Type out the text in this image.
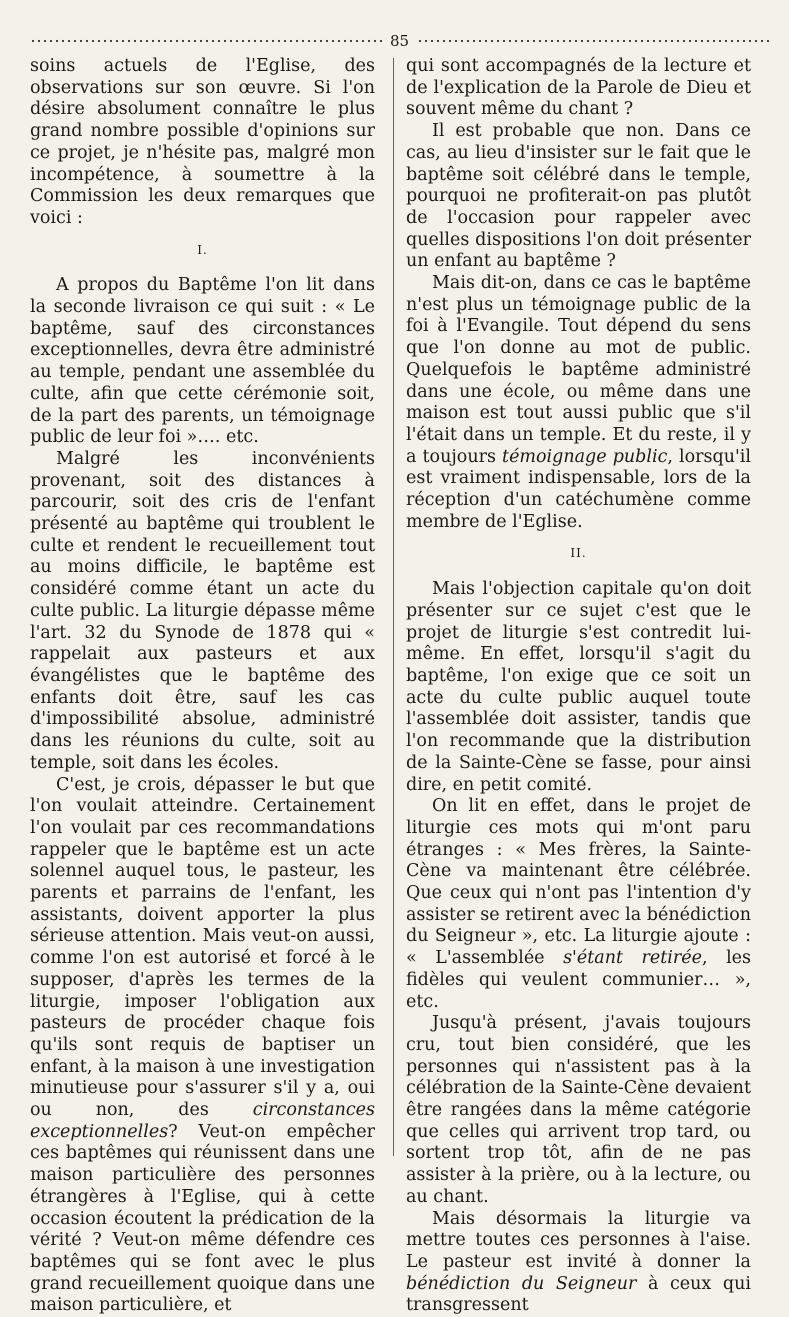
85

soins actuels de l'Eglise, des observations sur son œuvre. Si l'on désire absolument connaître le plus grand nombre possible d'opinions sur ce projet, je n'hésite pas, malgré mon incompétence, à soumettre à la Commission les deux remarques que voici :

I.

A propos du Baptême l'on lit dans la seconde livraison ce qui suit : « Le baptême, sauf des circonstances exceptionnelles, devra être administré au temple, pendant une assemblée du culte, afin que cette cérémonie soit, de la part des parents, un témoignage public de leur foi »…. etc.

Malgré les inconvénients provenant, soit des distances à parcourir, soit des cris de l'enfant présenté au baptême qui troublent le culte et rendent le recueillement tout au moins difficile, le baptême est considéré comme étant un acte du culte public. La liturgie dépasse même l'art. 32 du Synode de 1878 qui « rappelait aux pasteurs et aux évangélistes que le baptême des enfants doit être, sauf les cas d'impossibilité absolue, administré dans les réunions du culte, soit au temple, soit dans les écoles.

C'est, je crois, dépasser le but que l'on voulait atteindre. Certainement l'on voulait par ces recommandations rappeler que le baptême est un acte solennel auquel tous, le pasteur, les parents et parrains de l'enfant, les assistants, doivent apporter la plus sérieuse attention. Mais veut-on aussi, comme l'on est autorisé et forcé à le supposer, d'après les termes de la liturgie, imposer l'obligation aux pasteurs de procéder chaque fois qu'ils sont requis de baptiser un enfant, à la maison à une investigation minutieuse pour s'assurer s'il y a, oui ou non, des circonstances exceptionnelles? Veut-on empêcher ces baptêmes qui réunissent dans une maison particulière des personnes étrangères à l'Eglise, qui à cette occasion écoutent la prédication de la vérité ? Veut-on même défendre ces baptêmes qui se font avec le plus grand recueillement quoique dans une maison particulière, et

qui sont accompagnés de la lecture et de l'explication de la Parole de Dieu et souvent même du chant ?

Il est probable que non. Dans ce cas, au lieu d'insister sur le fait que le baptême soit célébré dans le temple, pourquoi ne profiterait-on pas plutôt de l'occasion pour rappeler avec quelles dispositions l'on doit présenter un enfant au baptême ?

Mais dit-on, dans ce cas le baptême n'est plus un témoignage public de la foi à l'Evangile. Tout dépend du sens que l'on donne au mot de public. Quelquefois le baptême administré dans une école, ou même dans une maison est tout aussi public que s'il l'était dans un temple. Et du reste, il y a toujours témoignage public, lorsqu'il est vraiment indispensable, lors de la réception d'un catéchumène comme membre de l'Eglise.

II.

Mais l'objection capitale qu'on doit présenter sur ce sujet c'est que le projet de liturgie s'est contredit lui-même. En effet, lorsqu'il s'agit du baptême, l'on exige que ce soit un acte du culte public auquel toute l'assemblée doit assister, tandis que l'on recommande que la distribution de la Sainte-Cène se fasse, pour ainsi dire, en petit comité.

On lit en effet, dans le projet de liturgie ces mots qui m'ont paru étranges : « Mes frères, la Sainte-Cène va maintenant être célébrée. Que ceux qui n'ont pas l'intention d'y assister se retirent avec la bénédiction du Seigneur », etc. La liturgie ajoute : « L'assemblée s'étant retirée, les fidèles qui veulent communier… », etc.

Jusqu'à présent, j'avais toujours cru, tout bien considéré, que les personnes qui n'assistent pas à la célébration de la Sainte-Cène devaient être rangées dans la même catégorie que celles qui arrivent trop tard, ou sortent trop tôt, afin de ne pas assister à la prière, ou à la lecture, ou au chant.

Mais désormais la liturgie va mettre toutes ces personnes à l'aise. Le pasteur est invité à donner la bénédiction du Seigneur à ceux qui transgressent
